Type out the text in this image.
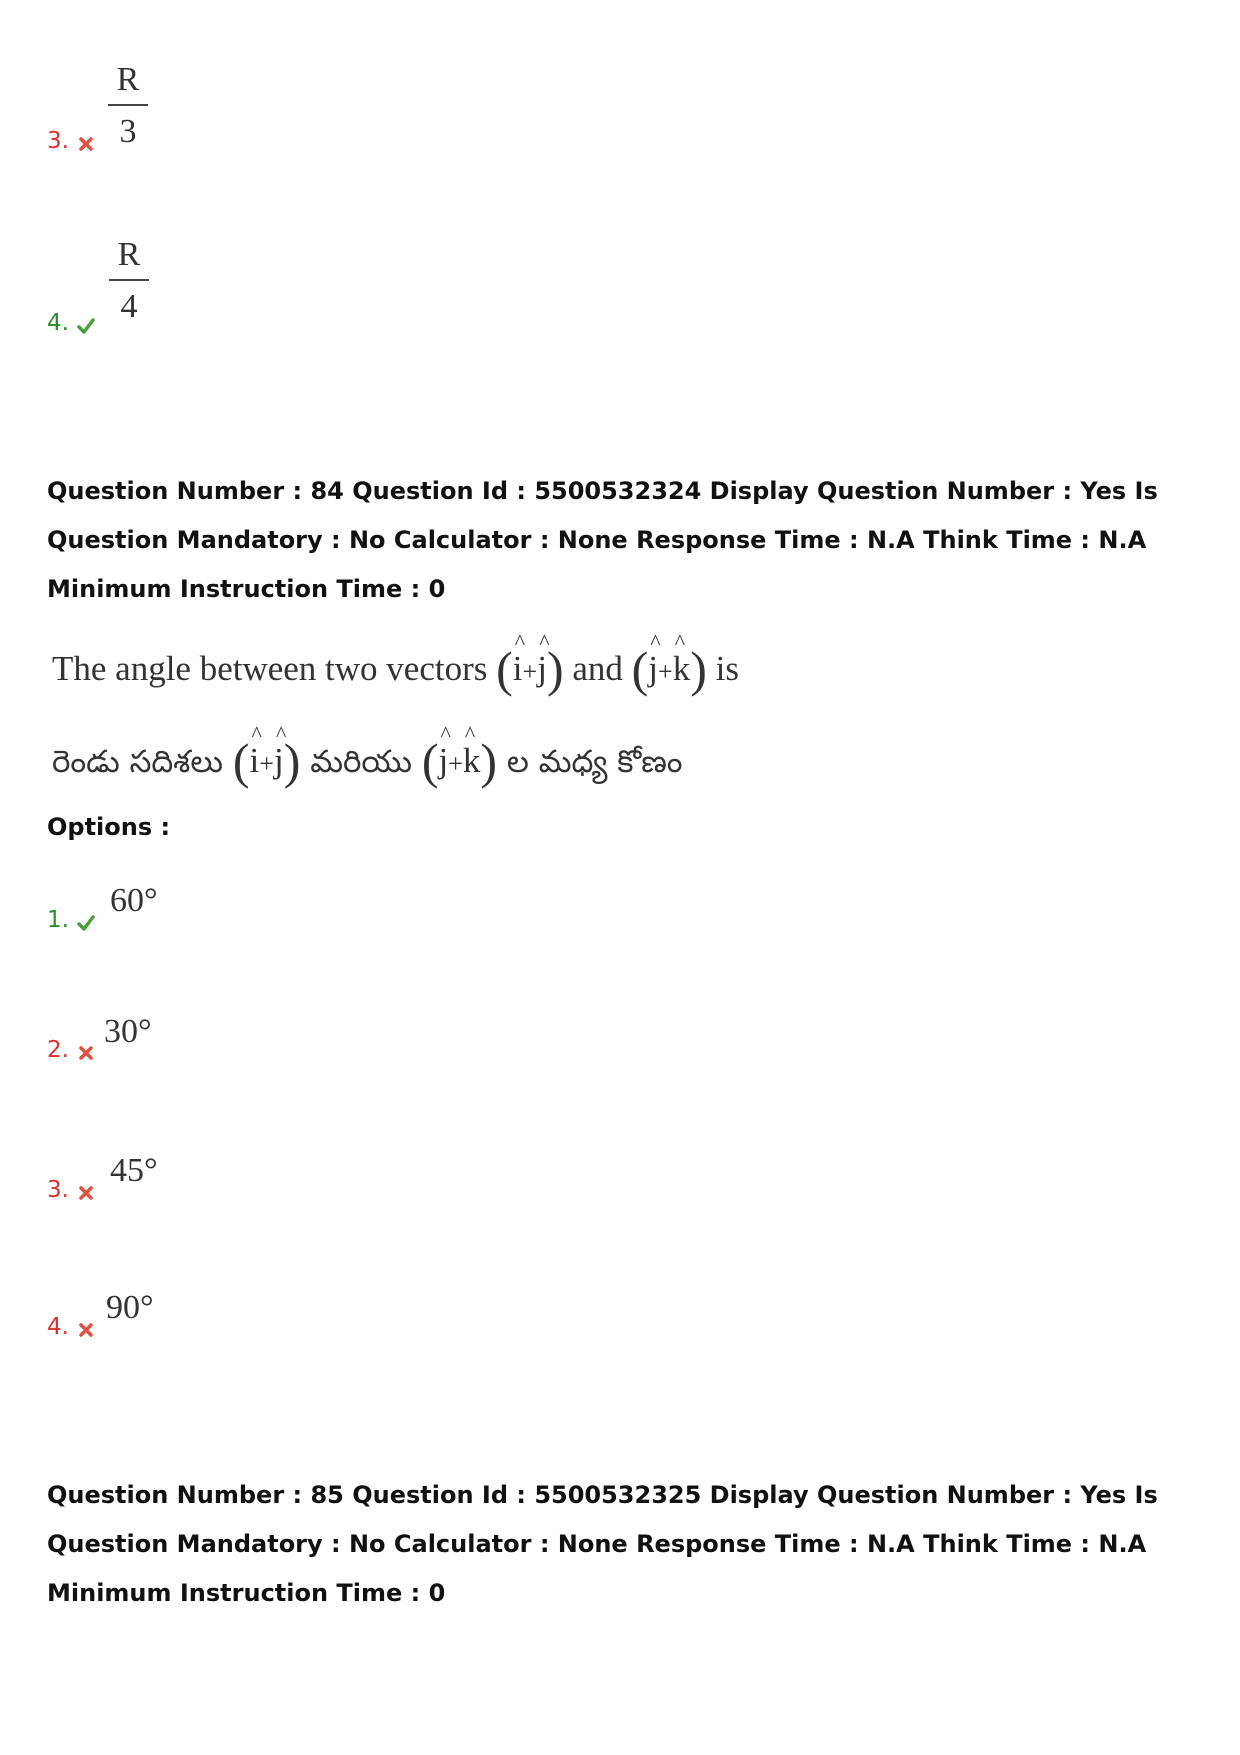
3.
R
3
4.
R
4
Question Number : 84 Question Id : 5500532324 Display Question Number : Yes Is Question Mandatory : No Calculator : None Response Time : N.A Think Time : N.A Minimum Instruction Time : 0
The angle between two vectors (^ i+^ j) and (^ j+^ k) is
రెండు సదిశలు (^ i+^ j) మరియు (^ j+^ k) ల మధ్య కోణం
Options :
1.
60°
2.	30°
3.
45°
4.
90°
Question Number : 85 Question Id : 5500532325 Display Question Number : Yes Is Question Mandatory : No Calculator : None Response Time : N.A Think Time : N.A Minimum Instruction Time : 0
